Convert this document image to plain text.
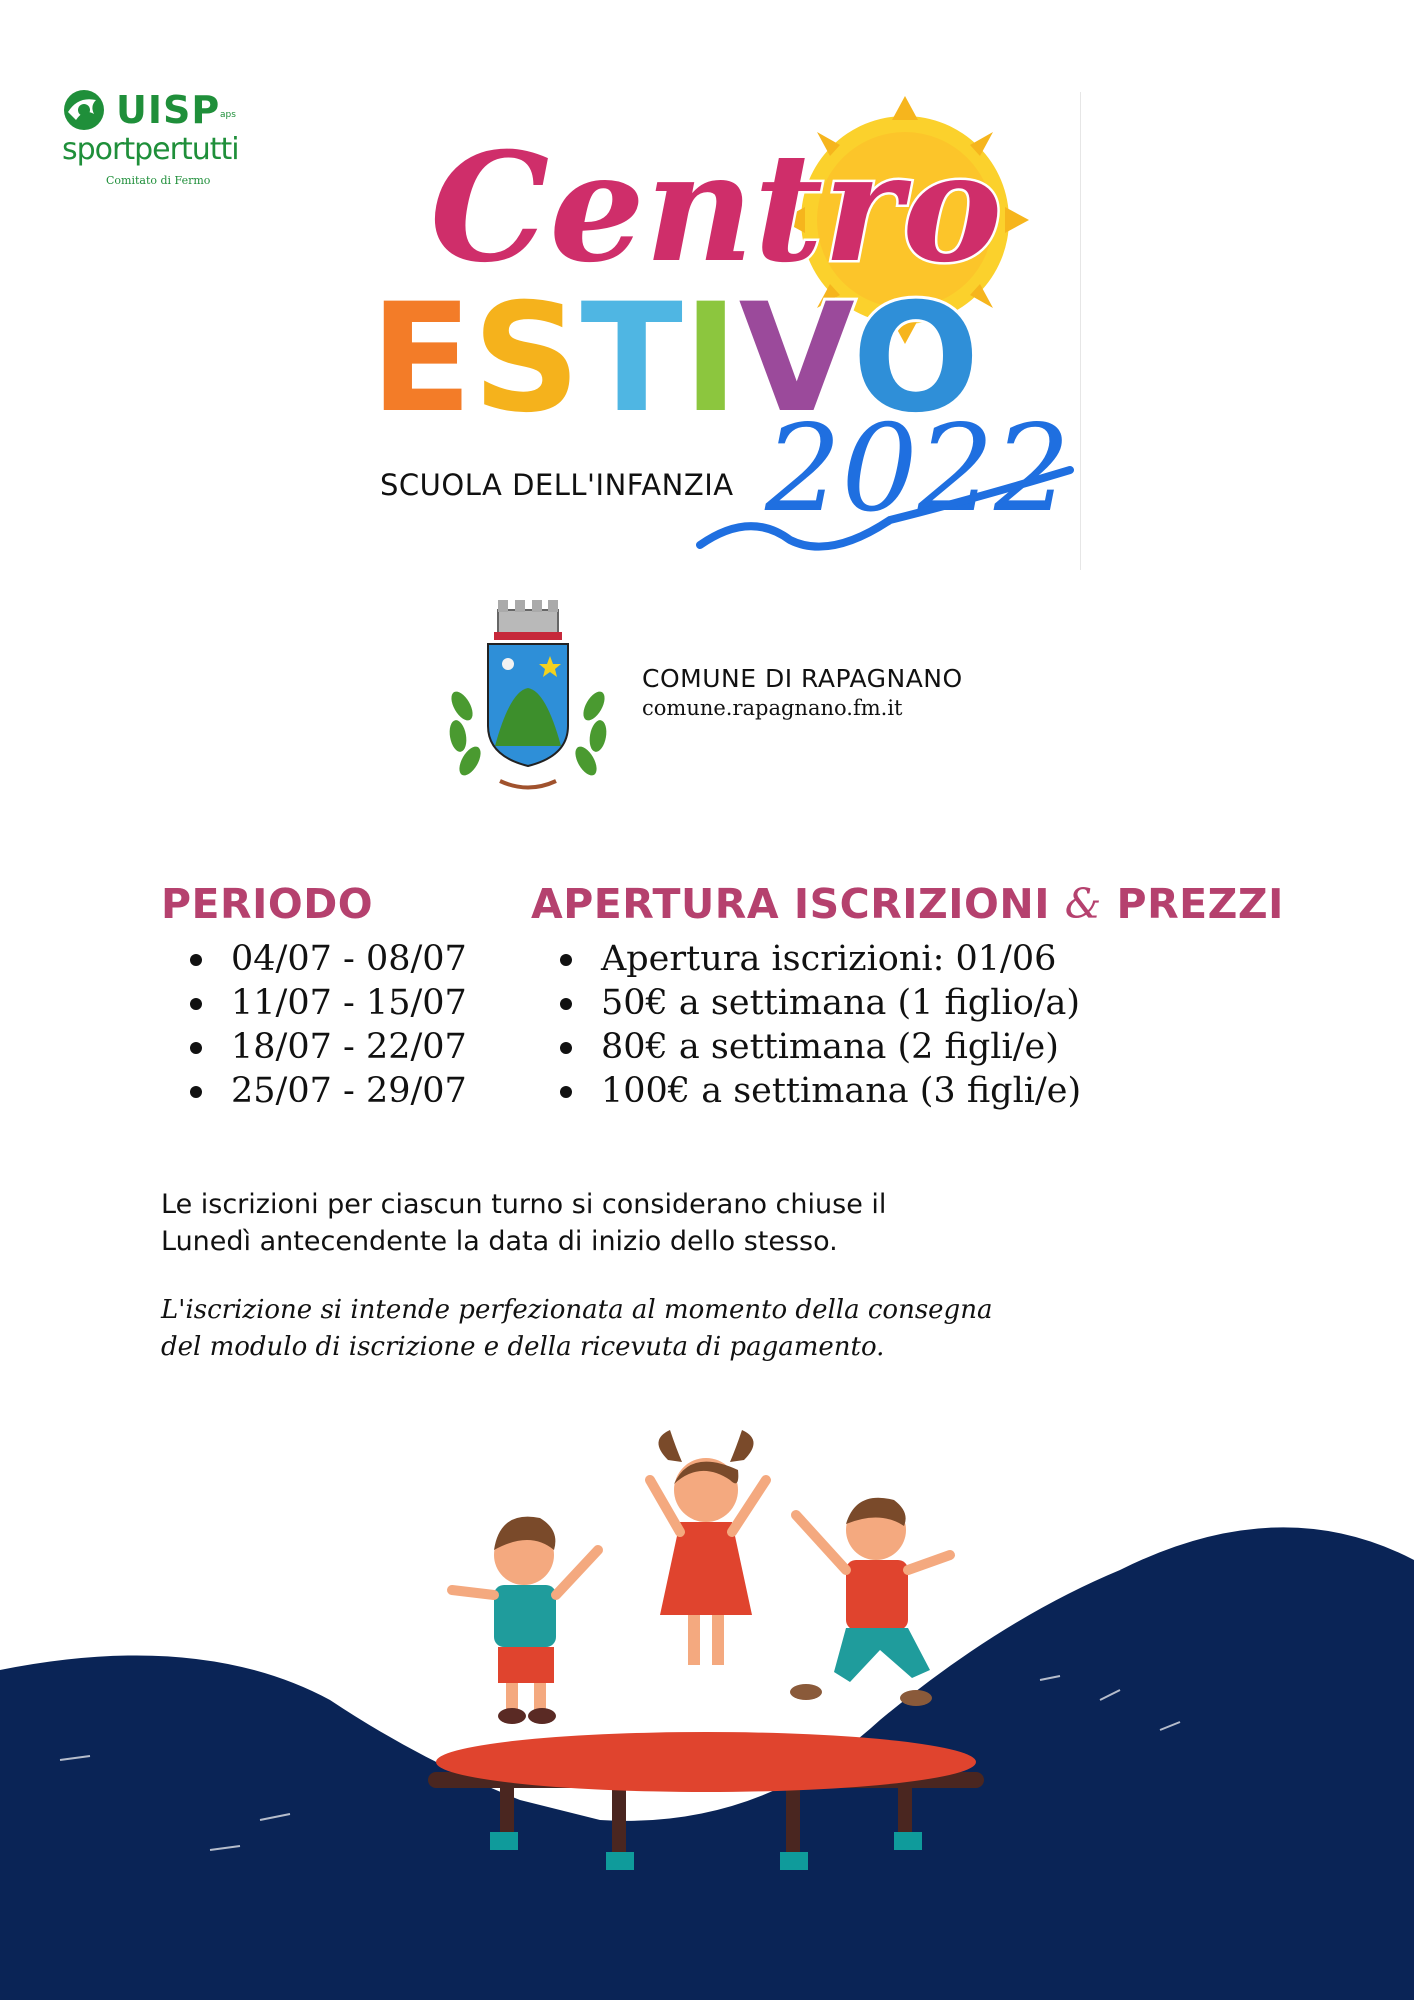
UISP aps
sportpertutti
Comitato di Fermo Centro
ESTIVO
2022
SCUOLA DELL'INFANZIA
COMUNE DI RAPAGNANO
comune.rapagnano.fm.it
PERIODO
04/07 - 08/07
11/07 - 15/07
18/07 - 22/07
25/07 - 29/07
APERTURA ISCRIZIONI & PREZZI
Apertura iscrizioni: 01/06
50€ a settimana (1 figlio/a)
80€ a settimana (2 figli/e)
100€ a settimana (3 figli/e)
Le iscrizioni per ciascun turno si considerano chiuse il
Lunedì antecendente la data di inizio dello stesso.
L'iscrizione si intende perfezionata al momento della consegna
del modulo di iscrizione e della ricevuta di pagamento.
